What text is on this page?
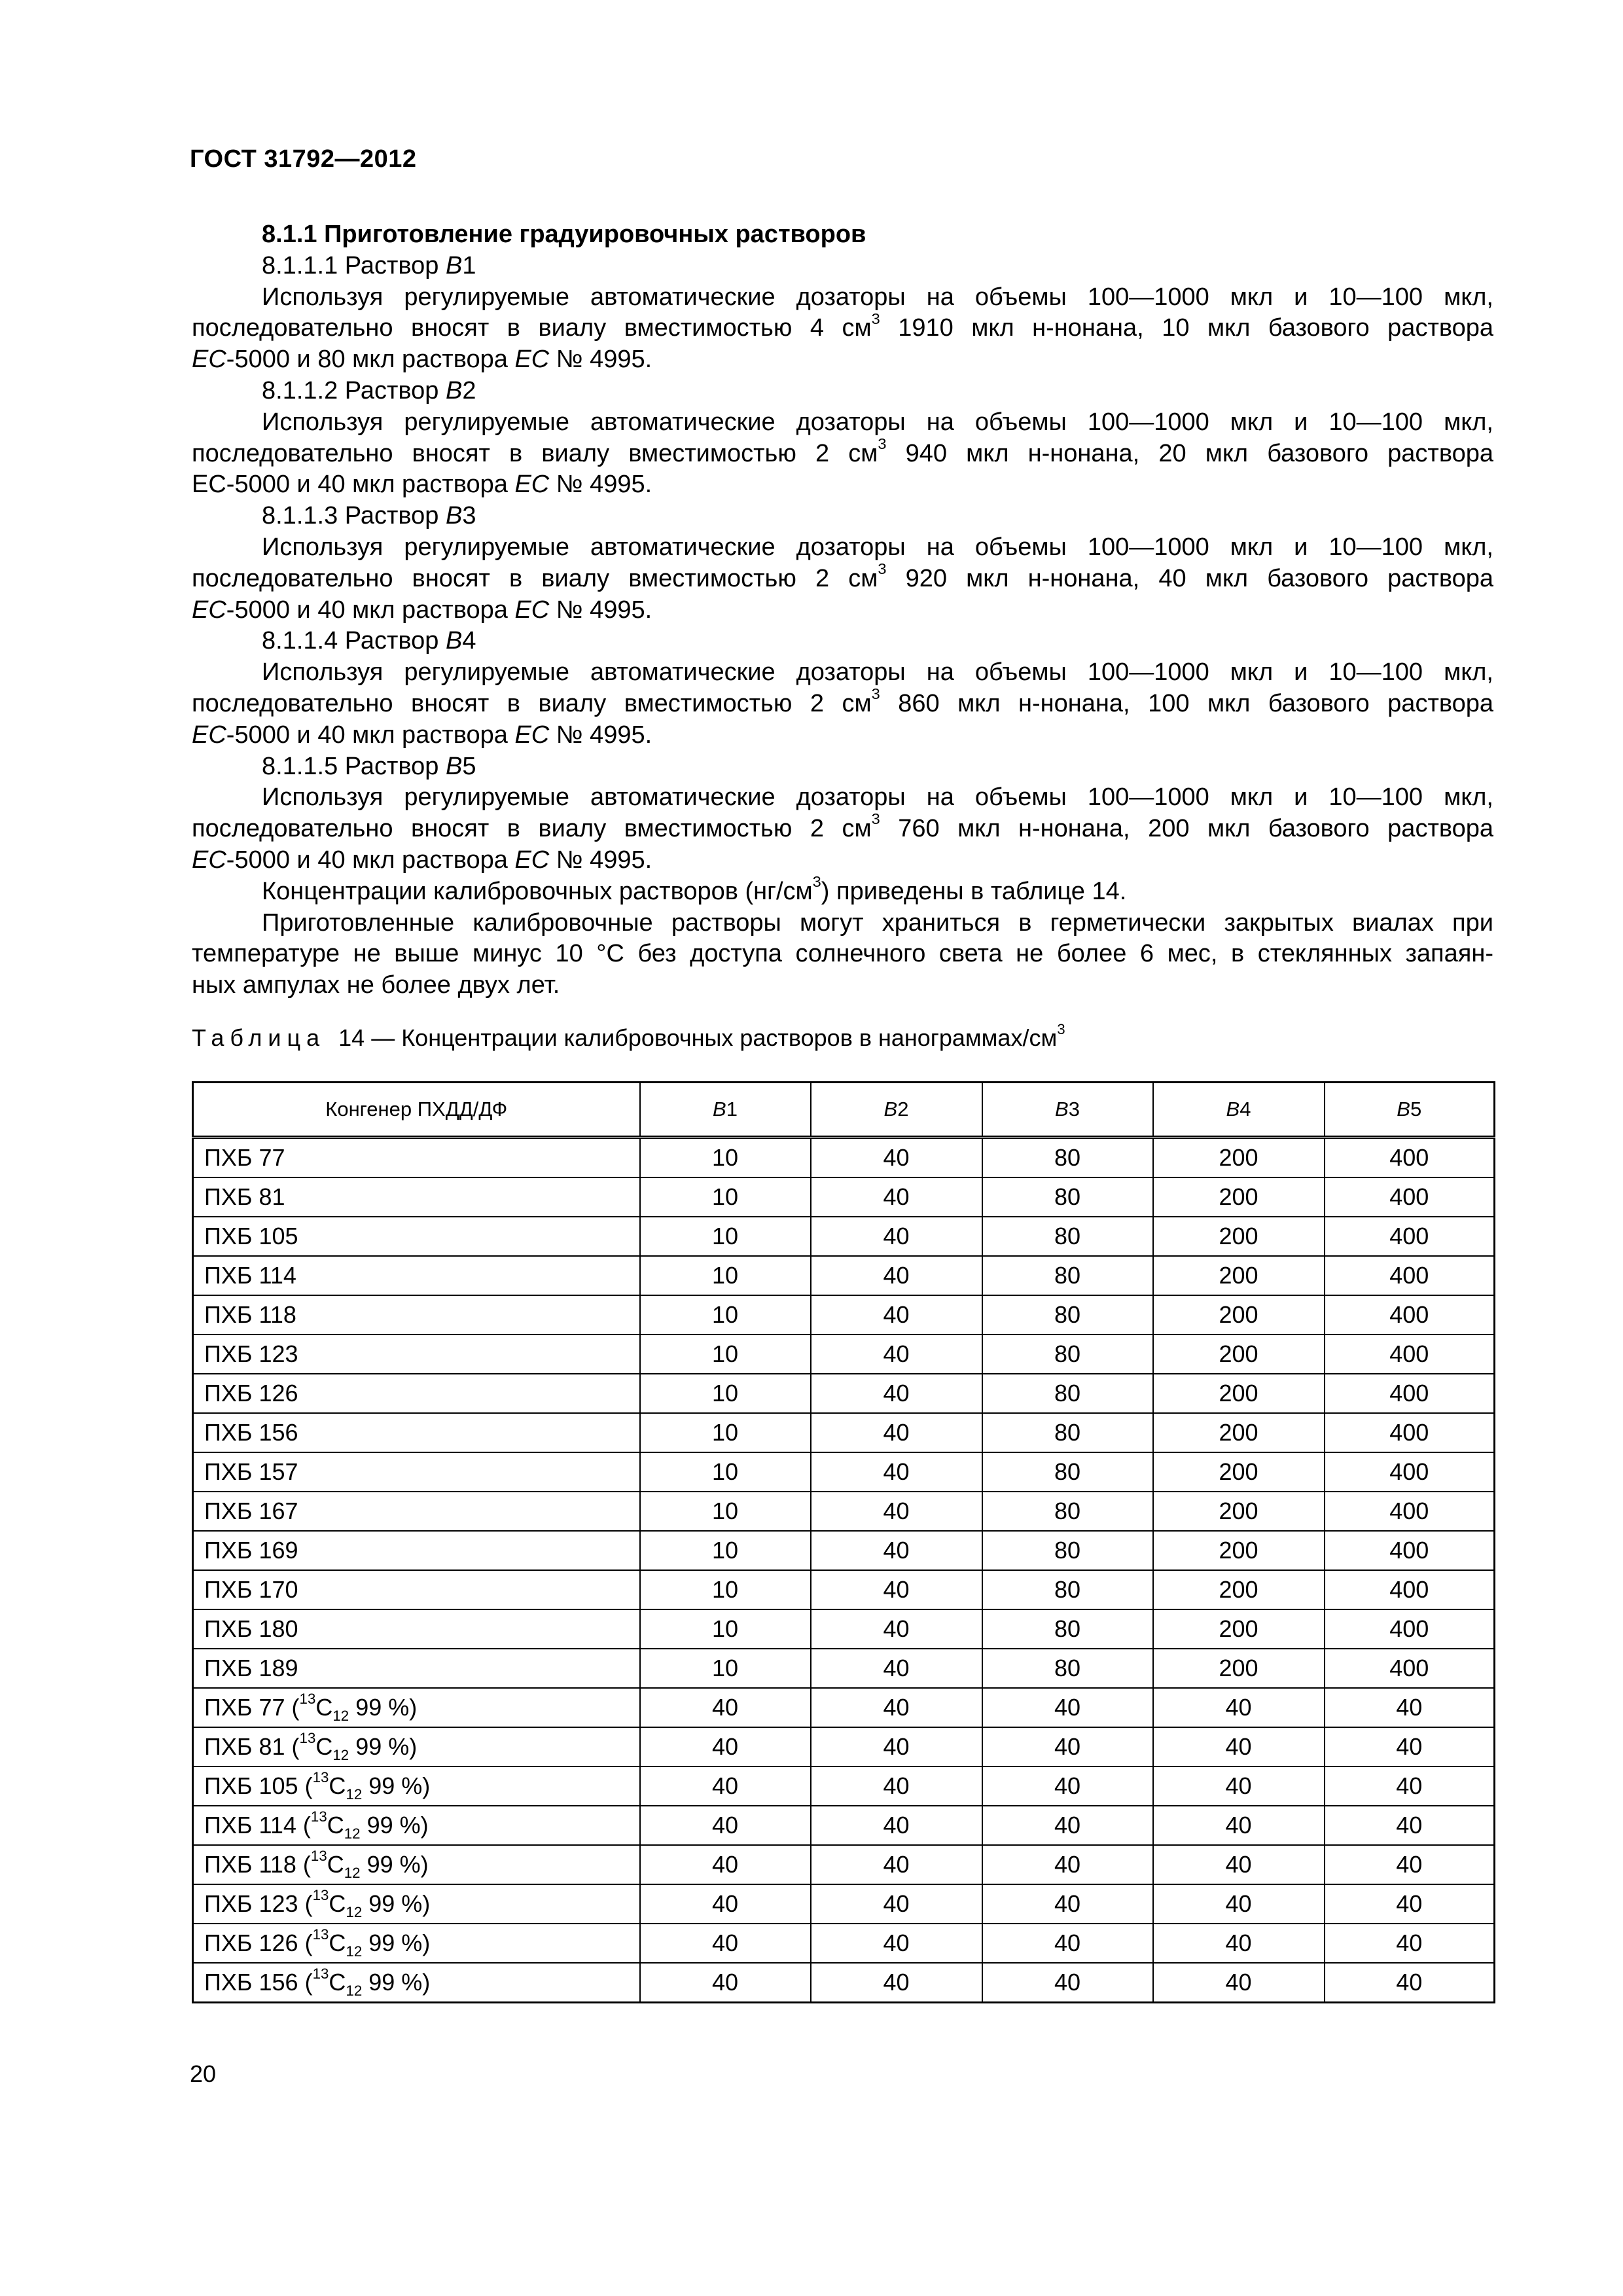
ГОСТ 31792—2012

8.1.1 Приготовление градуировочных растворов

8.1.1.1 Раствор В1

Используя регулируемые автоматические дозаторы на объемы 100—1000 мкл и 10—100 мкл,

последовательно вносят в виалу вместимостью 4 $см^3$ 1910 мкл н-нонана, 10 мкл базового раствора

ЕС-5000 и 80 мкл раствора ЕС № 4995.

8.1.1.2 Раствор В2

Используя регулируемые автоматические дозаторы на объемы 100—1000 мкл и 10—100 мкл,

последовательно вносят в виалу вместимостью 2 $см^3$ 940 мкл н-нонана, 20 мкл базового раствора

ЕС-5000 и 40 мкл раствора ЕС № 4995.

8.1.1.3 Раствор В3

Используя регулируемые автоматические дозаторы на объемы 100—1000 мкл и 10—100 мкл,

последовательно вносят в виалу вместимостью 2 $см^3$ 920 мкл н-нонана, 40 мкл базового раствора

ЕС-5000 и 40 мкл раствора ЕС № 4995.

8.1.1.4 Раствор В4

Используя регулируемые автоматические дозаторы на объемы 100—1000 мкл и 10—100 мкл,

последовательно вносят в виалу вместимостью 2 $см^3$ 860 мкл н-нонана, 100 мкл базового раствора

ЕС-5000 и 40 мкл раствора ЕС № 4995.

8.1.1.5 Раствор В5

Используя регулируемые автоматические дозаторы на объемы 100—1000 мкл и 10—100 мкл,

последовательно вносят в виалу вместимостью 2 $см^3$ 760 мкл н-нонана, 200 мкл базового раствора

ЕС-5000 и 40 мкл раствора ЕС № 4995.

Концентрации калибровочных растворов $(нг/см^3)$ приведены в таблице 14.

Приготовленные калибровочные растворы могут храниться в герметически закрытых виалах при

температуре не выше минус 10 °С без доступа солнечного света не более 6 мес, в стеклянных запаян-

ных ампулах не более двух лет.

Таблица  14 — Концентрации калибровочных растворов в нанограммах/$см^3$
Конгенер ПХДД/ДФ	В1	В2	В3	В4	В5
ПХБ 77	10	40	80	200	400
ПХБ 81	10	40	80	200	400
ПХБ 105	10	40	80	200	400
ПХБ 114	10	40	80	200	400
ПХБ 118	10	40	80	200	400
ПХБ 123	10	40	80	200	400
ПХБ 126	10	40	80	200	400
ПХБ 156	10	40	80	200	400
ПХБ 157	10	40	80	200	400
ПХБ 167	10	40	80	200	400
ПХБ 169	10	40	80	200	400
ПХБ 170	10	40	80	200	400
ПХБ 180	10	40	80	200	400
ПХБ 189	10	40	80	200	400
ПХБ 77 ($^{13}С_{12}$ 99 %)	40	40	40	40	40
ПХБ 81 ($^{13}С_{12}$ 99 %)	40	40	40	40	40
ПХБ 105 ($^{13}С_{12}$ 99 %)	40	40	40	40	40
ПХБ 114 ($^{13}С_{12}$ 99 %)	40	40	40	40	40
ПХБ 118 ($^{13}С_{12}$ 99 %)	40	40	40	40	40
ПХБ 123 ($^{13}С_{12}$ 99 %)	40	40	40	40	40
ПХБ 126 ($^{13}С_{12}$ 99 %)	40	40	40	40	40
ПХБ 156 ($^{13}С_{12}$ 99 %)	40	40	40	40	40
20
